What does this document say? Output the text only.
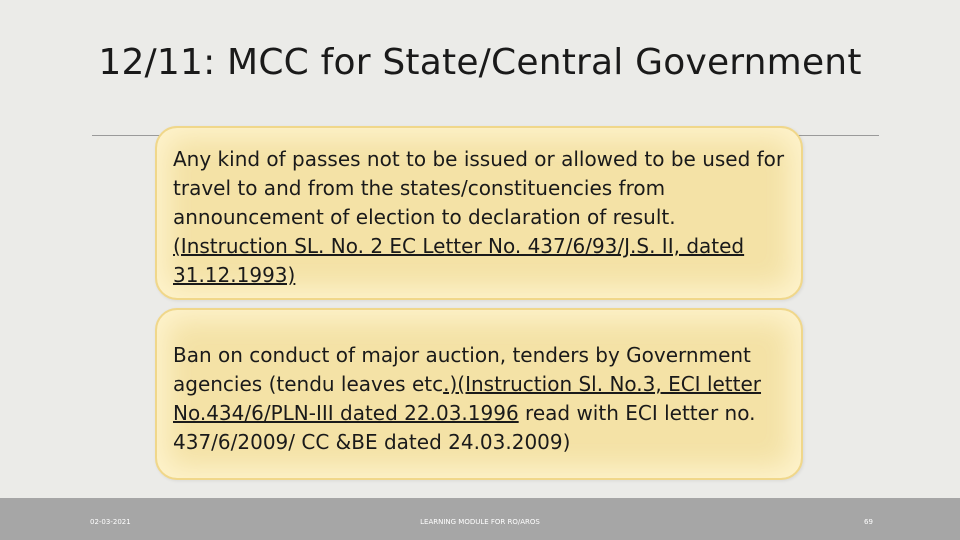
12/11: MCC for State/Central Government
Any kind of passes not to be issued or allowed to be used for travel to and from the states/constituencies from announcement of election to declaration of result. (Instruction SL. No. 2 EC Letter No. 437/6/93/J.S. II, dated 31.12.1993)
Ban on conduct of major auction, tenders by Government agencies (tendu leaves etc.)(Instruction Sl. No.3, ECI letter No.434/6/PLN-III dated 22.03.1996 read with ECI letter no. 437/6/2009/ CC &BE dated 24.03.2009)
02-03-2021	LEARNING MODULE FOR RO/AROS	69
